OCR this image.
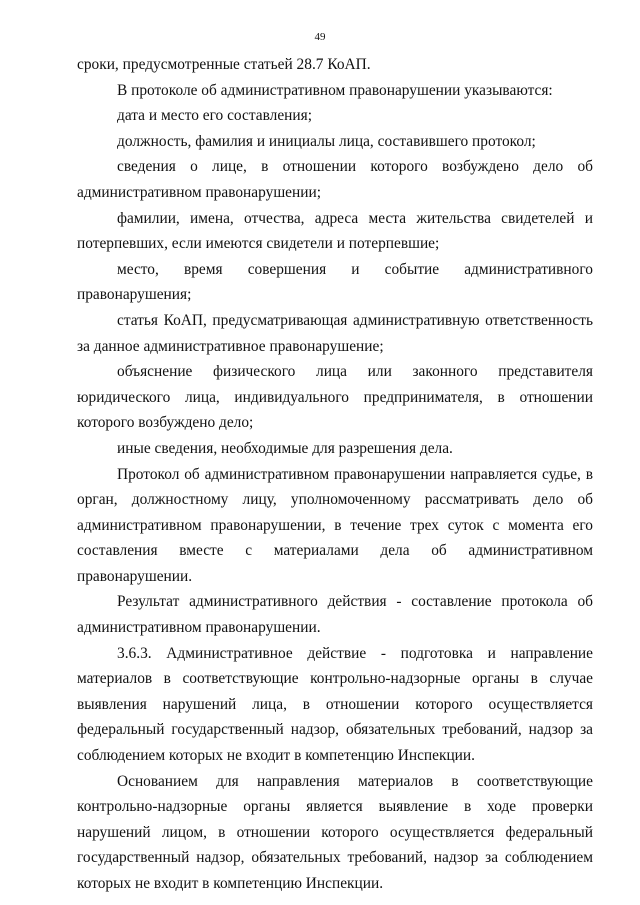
49

сроки, предусмотренные статьей 28.7 КоАП.

В протоколе об административном правонарушении указываются:

дата и место его составления;

должность, фамилия и инициалы лица, составившего протокол;

сведения о лице, в отношении которого возбуждено дело об административном правонарушении;

фамилии, имена, отчества, адреса места жительства свидетелей и потерпевших, если имеются свидетели и потерпевшие;

место, время совершения и событие административного правонарушения;

статья КоАП, предусматривающая административную ответственность за данное административное правонарушение;

объяснение физического лица или законного представителя юридического лица, индивидуального предпринимателя, в отношении которого возбуждено дело;

иные сведения, необходимые для разрешения дела.

Протокол об административном правонарушении направляется судье, в орган, должностному лицу, уполномоченному рассматривать дело об административном правонарушении, в течение трех суток с момента его составления вместе с материалами дела об административном правонарушении.

Результат административного действия - составление протокола об административном правонарушении.

3.6.3. Административное действие - подготовка и направление материалов в соответствующие контрольно-надзорные органы в случае выявления нарушений лица, в отношении которого осуществляется федеральный государственный надзор, обязательных требований, надзор за соблюдением которых не входит в компетенцию Инспекции.

Основанием для направления материалов в соответствующие контрольно-надзорные органы является выявление в ходе проверки нарушений лицом, в отношении которого осуществляется федеральный государственный надзор, обязательных требований, надзор за соблюдением которых не входит в компетенцию Инспекции.
